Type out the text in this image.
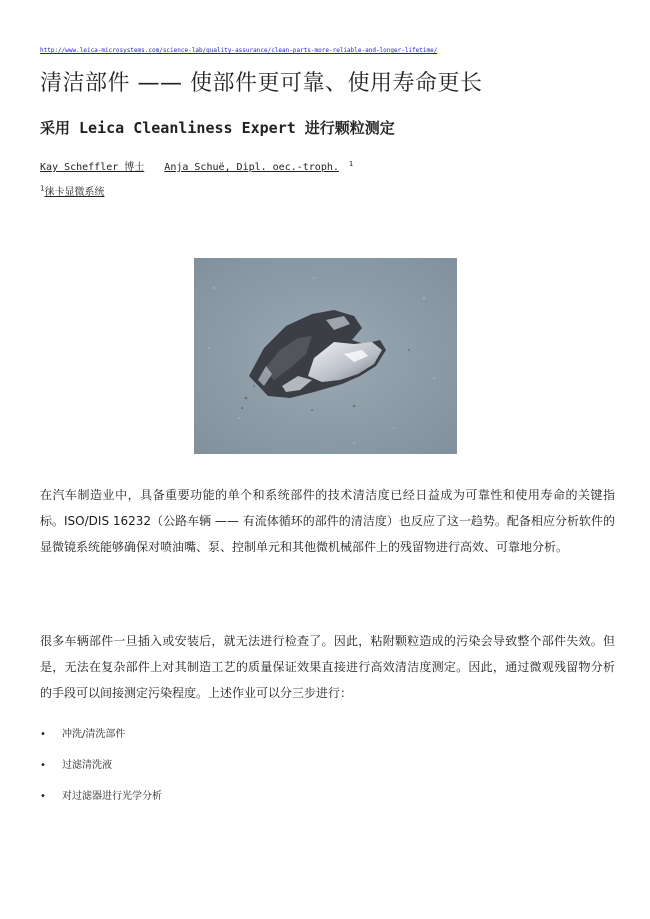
http://www.leica-microsystems.com/science-lab/quality-assurance/clean-parts-more-reliable-and-longer-lifetime/
清洁部件 —— 使部件更可靠、使用寿命更长
采用 Leica Cleanliness Expert 进行颗粒测定
Kay Scheffler 博士 Anja Schuë, Dipl. oec.-troph. $^1$
$^1$徕卡显微系统

在汽车制造业中，具备重要功能的单个和系统部件的技术清洁度已经日益成为可靠性和使用寿命的关键指标。ISO/DIS 16232（公路车辆 —— 有流体循环的部件的清洁度）也反应了这一趋势。配备相应分析软件的显微镜系统能够确保对喷油嘴、泵、控制单元和其他微机械部件上的残留物进行高效、可靠地分析。

很多车辆部件一旦插入或安装后，就无法进行检查了。因此，粘附颗粒造成的污染会导致整个部件失效。但是，无法在复杂部件上对其制造工艺的质量保证效果直接进行高效清洁度测定。因此，通过微观残留物分析的手段可以间接测定污染程度。上述作业可以分三步进行：

• 冲洗/清洗部件
• 过滤清洗液
• 对过滤器进行光学分析
